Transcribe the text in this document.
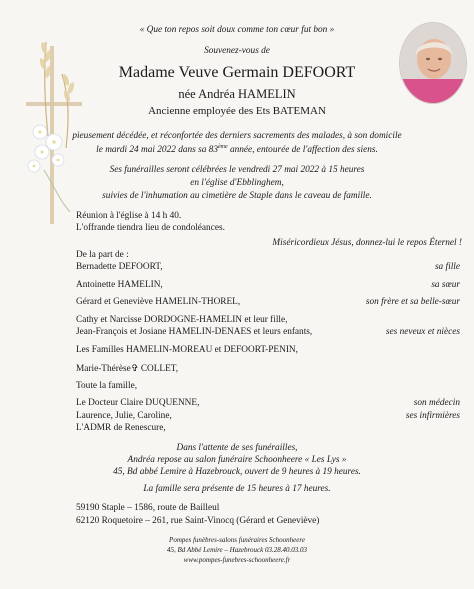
« Que ton repos soit doux comme ton cœur fut bon »
Souvenez-vous de
Madame Veuve Germain DEFOORT
née Andréa HAMELIN
Ancienne employée des Ets BATEMAN
pieusement décédée, et réconfortée des derniers sacrements des malades, à son domicile
le mardi 24 mai 2022 dans sa 83ème année, entourée de l'affection des siens.
Ses funérailles seront célébrées le vendredi 27 mai 2022 à 15 heures
en l'église d'Ebblinghem,
suivies de l'inhumation au cimetière de Staple dans le caveau de famille.
Réunion à l'église à 14 h 40.
L'offrande tiendra lieu de condoléances.
Miséricordieux Jésus, donnez-lui le repos Éternel !
De la part de :
Bernadette DEFOORT,	sa fille
Antoinette HAMELIN,	sa sœur
Gérard et Geneviève HAMELIN-THOREL,	son frère et sa belle-sœur
Cathy et Narcisse DORDOGNE-HAMELIN et leur fille,
Jean-François et Josiane HAMELIN-DENAES et leurs enfants,	ses neveux et nièces
Les Familles HAMELIN-MOREAU et DEFOORT-PENIN,
Marie-Thérèse✞ COLLET,
Toute la famille,
Le Docteur Claire DUQUENNE,	son médecin
Laurence, Julie, Caroline,	ses infirmières
L'ADMR de Renescure,
Dans l'attente de ses funérailles,
Andréa repose au salon funéraire Schoonheere « Les Lys »
45, Bd abbé Lemire à Hazebrouck, ouvert de 9 heures à 19 heures.
La famille sera présente de 15 heures à 17 heures.
59190 Staple – 1586, route de Bailleul
62120 Roquetoire – 261, rue Saint-Vinocq (Gérard et Geneviève)
Pompes funèbres-salons funéraires Schoonheere
45, Bd Abbé Lemire – Hazebrouck 03.28.40.03.03
www.pompes-funebres-schoonheere.fr
